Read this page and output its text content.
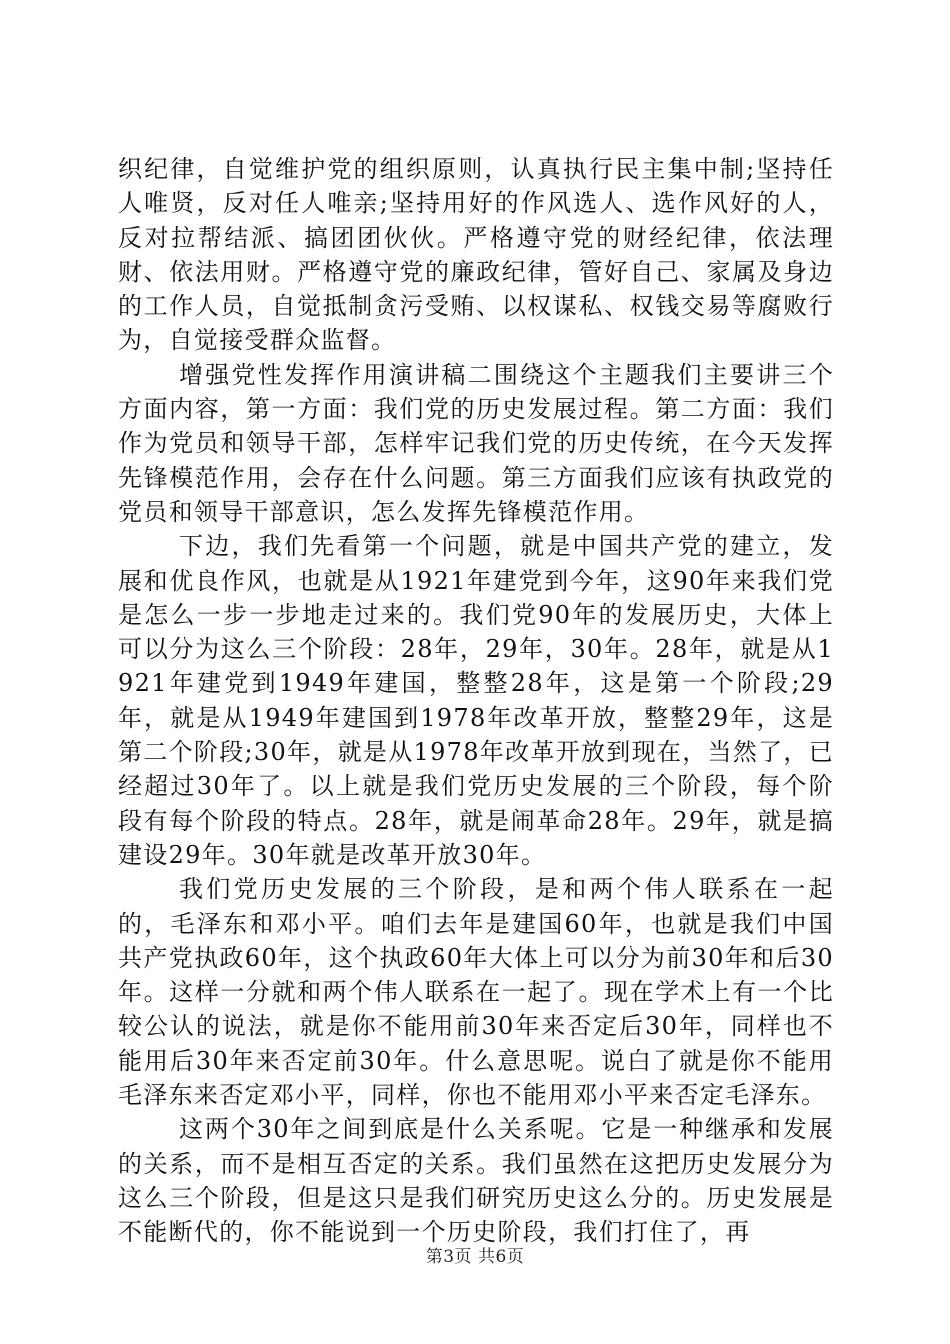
织纪律，自觉维护党的组织原则，认真执行民主集中制;坚持任人唯贤，反对任人唯亲;坚持用好的作风选人、选作风好的人，反对拉帮结派、搞团团伙伙。严格遵守党的财经纪律，依法理财、依法用财。严格遵守党的廉政纪律，管好自己、家属及身边的工作人员，自觉抵制贪污受贿、以权谋私、权钱交易等腐败行为，自觉接受群众监督。

增强党性发挥作用演讲稿二围绕这个主题我们主要讲三个方面内容，第一方面：我们党的历史发展过程。第二方面：我们作为党员和领导干部，怎样牢记我们党的历史传统，在今天发挥先锋模范作用，会存在什么问题。第三方面我们应该有执政党的党员和领导干部意识，怎么发挥先锋模范作用。

下边，我们先看第一个问题，就是中国共产党的建立，发展和优良作风，也就是从1921年建党到今年，这90年来我们党是怎么一步一步地走过来的。我们党90年的发展历史，大体上可以分为这么三个阶段：28年，29年，30年。28年，就是从1921年建党到1949年建国，整整28年，这是第一个阶段;29年，就是从1949年建国到1978年改革开放，整整29年，这是第二个阶段;30年，就是从1978年改革开放到现在，当然了，已经超过30年了。以上就是我们党历史发展的三个阶段，每个阶段有每个阶段的特点。28年，就是闹革命28年。29年，就是搞建设29年。30年就是改革开放30年。

我们党历史发展的三个阶段，是和两个伟人联系在一起的，毛泽东和邓小平。咱们去年是建国60年，也就是我们中国共产党执政60年，这个执政60年大体上可以分为前30年和后30年。这样一分就和两个伟人联系在一起了。现在学术上有一个比较公认的说法，就是你不能用前30年来否定后30年，同样也不能用后30年来否定前30年。什么意思呢。说白了就是你不能用毛泽东来否定邓小平，同样，你也不能用邓小平来否定毛泽东。

这两个30年之间到底是什么关系呢。它是一种继承和发展的关系，而不是相互否定的关系。我们虽然在这把历史发展分为这么三个阶段，但是这只是我们研究历史这么分的。历史发展是不能断代的，你不能说到一个历史阶段，我们打住了，再

第3页 共6页
